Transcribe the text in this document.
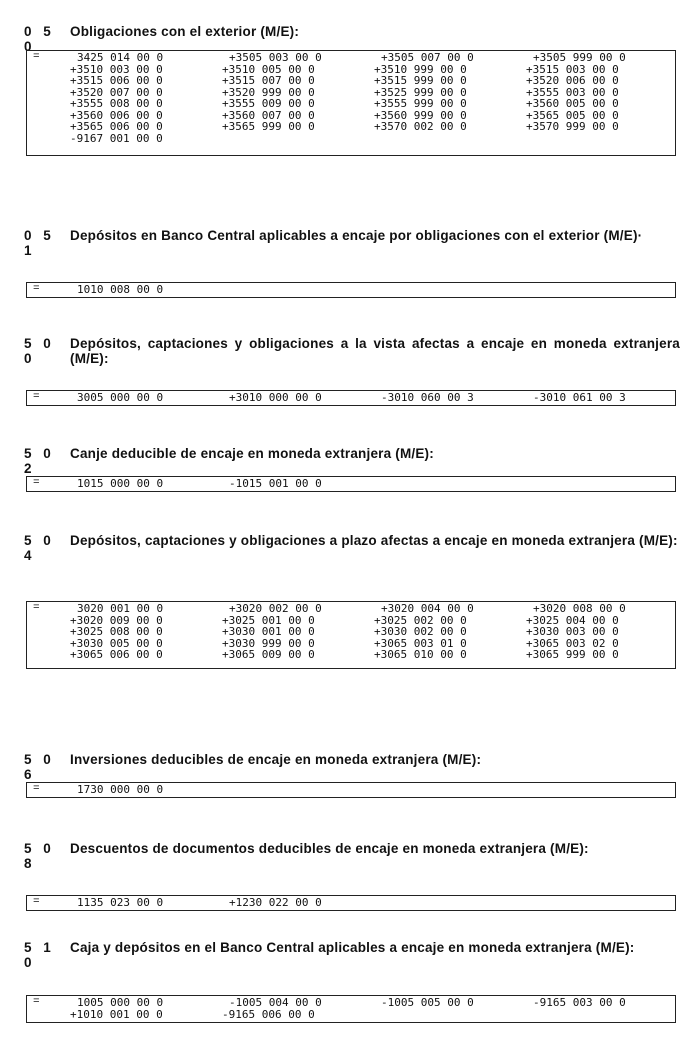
0 5 0
Obligaciones con el exterior (M/E):
=	3425 014 00 0	+3505 003 00 0	+3505 007 00 0	+3505 999 00 0
+3510 003 00 0	+3510 005 00 0	+3510 999 00 0	+3515 003 00 0
+3515 006 00 0	+3515 007 00 0	+3515 999 00 0	+3520 006 00 0
+3520 007 00 0	+3520 999 00 0	+3525 999 00 0	+3555 003 00 0
+3555 008 00 0	+3555 009 00 0	+3555 999 00 0	+3560 005 00 0
+3560 006 00 0	+3560 007 00 0	+3560 999 00 0	+3565 005 00 0
+3565 006 00 0	+3565 999 00 0	+3570 002 00 0	+3570 999 00 0
-9167 001 00 0
0 5 1
Depósitos en Banco Central aplicables a encaje por obligaciones con el exterior (M/E)·
=	1010 008 00 0
5 0 0
Depósitos, captaciones y obligaciones a la vista afectas a encaje en moneda extranjera (M/E):
=	3005 000 00 0	+3010 000 00 0	-3010 060 00 3	-3010 061 00 3
5 0 2
Canje deducible de encaje en moneda extranjera (M/E):
=	1015 000 00 0	-1015 001 00 0
5 0 4
Depósitos, captaciones y obligaciones a plazo afectas a encaje en moneda extranjera (M/E):
=	3020 001 00 0	+3020 002 00 0	+3020 004 00 0	+3020 008 00 0
+3020 009 00 0	+3025 001 00 0	+3025 002 00 0	+3025 004 00 0
+3025 008 00 0	+3030 001 00 0	+3030 002 00 0	+3030 003 00 0
+3030 005 00 0	+3030 999 00 0	+3065 003 01 0	+3065 003 02 0
+3065 006 00 0	+3065 009 00 0	+3065 010 00 0	+3065 999 00 0
5 0 6
Inversiones deducibles de encaje en moneda extranjera (M/E):
=	1730 000 00 0
5 0 8
Descuentos de documentos deducibles de encaje en moneda extranjera (M/E):
=	1135 023 00 0	+1230 022 00 0
5 1 0
Caja y depósitos en el Banco Central aplicables a encaje en moneda extranjera (M/E):
=	1005 000 00 0	-1005 004 00 0	-1005 005 00 0	-9165 003 00 0
+1010 001 00 0	-9165 006 00 0
